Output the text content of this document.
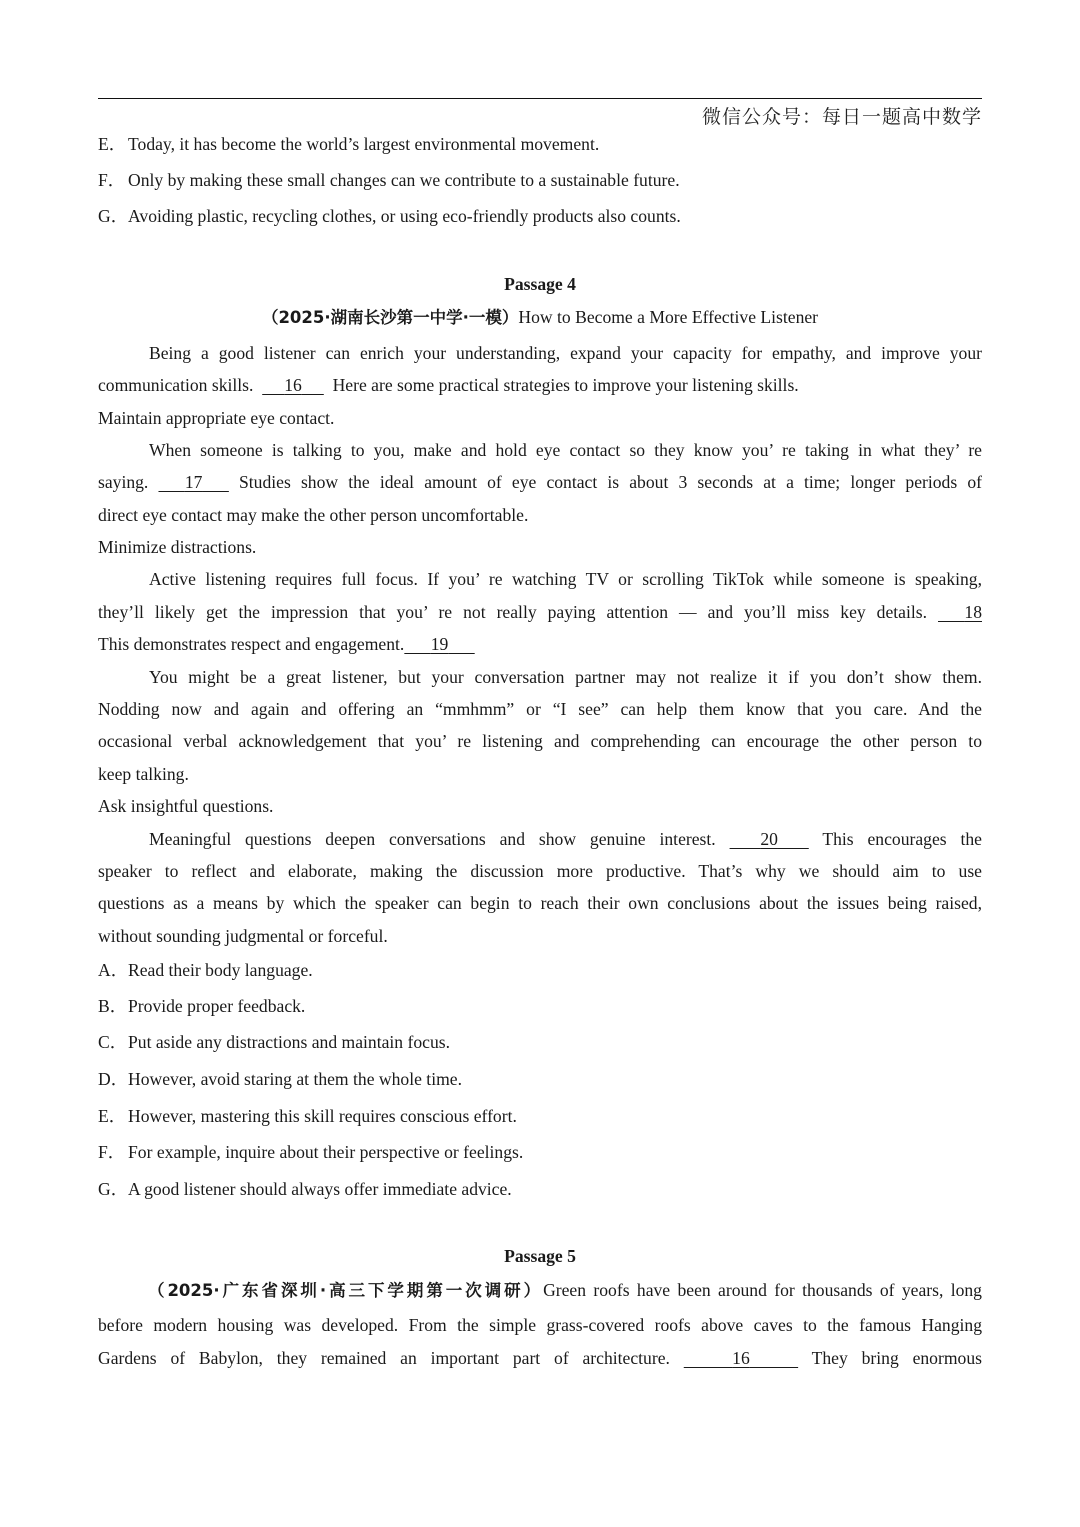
微信公众号：每日一题高中数学
E．Today, it has become the world’s largest environmental movement.
F． Only by making these small changes can we contribute to a sustainable future.
G．Avoiding plastic, recycling clothes, or using eco-friendly products also counts.
Passage 4
（2025·湖南长沙第一中学·一模）How to Become a More Effective Listener
Being a good listener can enrich your understanding, expand your capacity for empathy, and improve your
communication skills. 16 Here are some practical strategies to improve your listening skills.
Maintain appropriate eye contact.
When someone is talking to you, make and hold eye contact so they know you’ re taking in what they’ re
saying. 17 Studies show the ideal amount of eye contact is about 3 seconds at a time; longer periods of
direct eye contact may make the other person uncomfortable.
Minimize distractions.
Active listening requires full focus. If you’ re watching TV or scrolling TikTok while someone is speaking,
they’ll likely get the impression that you’ re not really paying attention — and you’ll miss key details. 18
This demonstrates respect and engagement. 19
You might be a great listener, but your conversation partner may not realize it if you don’t show them.
Nodding now and again and offering an “mmhmm” or “I see” can help them know that you care. And the
occasional verbal acknowledgement that you’ re listening and comprehending can encourage the other person to
keep talking.
Ask insightful questions.
Meaningful questions deepen conversations and show genuine interest.	20	This encourages the
speaker to reflect and elaborate, making the discussion more productive. That’s why we should aim to use
questions as a means by which the speaker can begin to reach their own conclusions about the issues being raised,
without sounding judgmental or forceful.
A．Read their body language.
B．Provide proper feedback.
C．Put aside any distractions and maintain focus.
D．However, avoid staring at them the whole time.
E．However, mastering this skill requires conscious effort.
F． For example, inquire about their perspective or feelings.
G．A good listener should always offer immediate advice.
Passage 5
（2025·广东省深圳·高三下学期第一次调研）Green roofs have been around for thousands of years, long
before modern housing was developed. From the simple grass-covered roofs above caves to the famous Hanging
Gardens of Babylon, they remained an important part of architecture.	16	They bring enormous
